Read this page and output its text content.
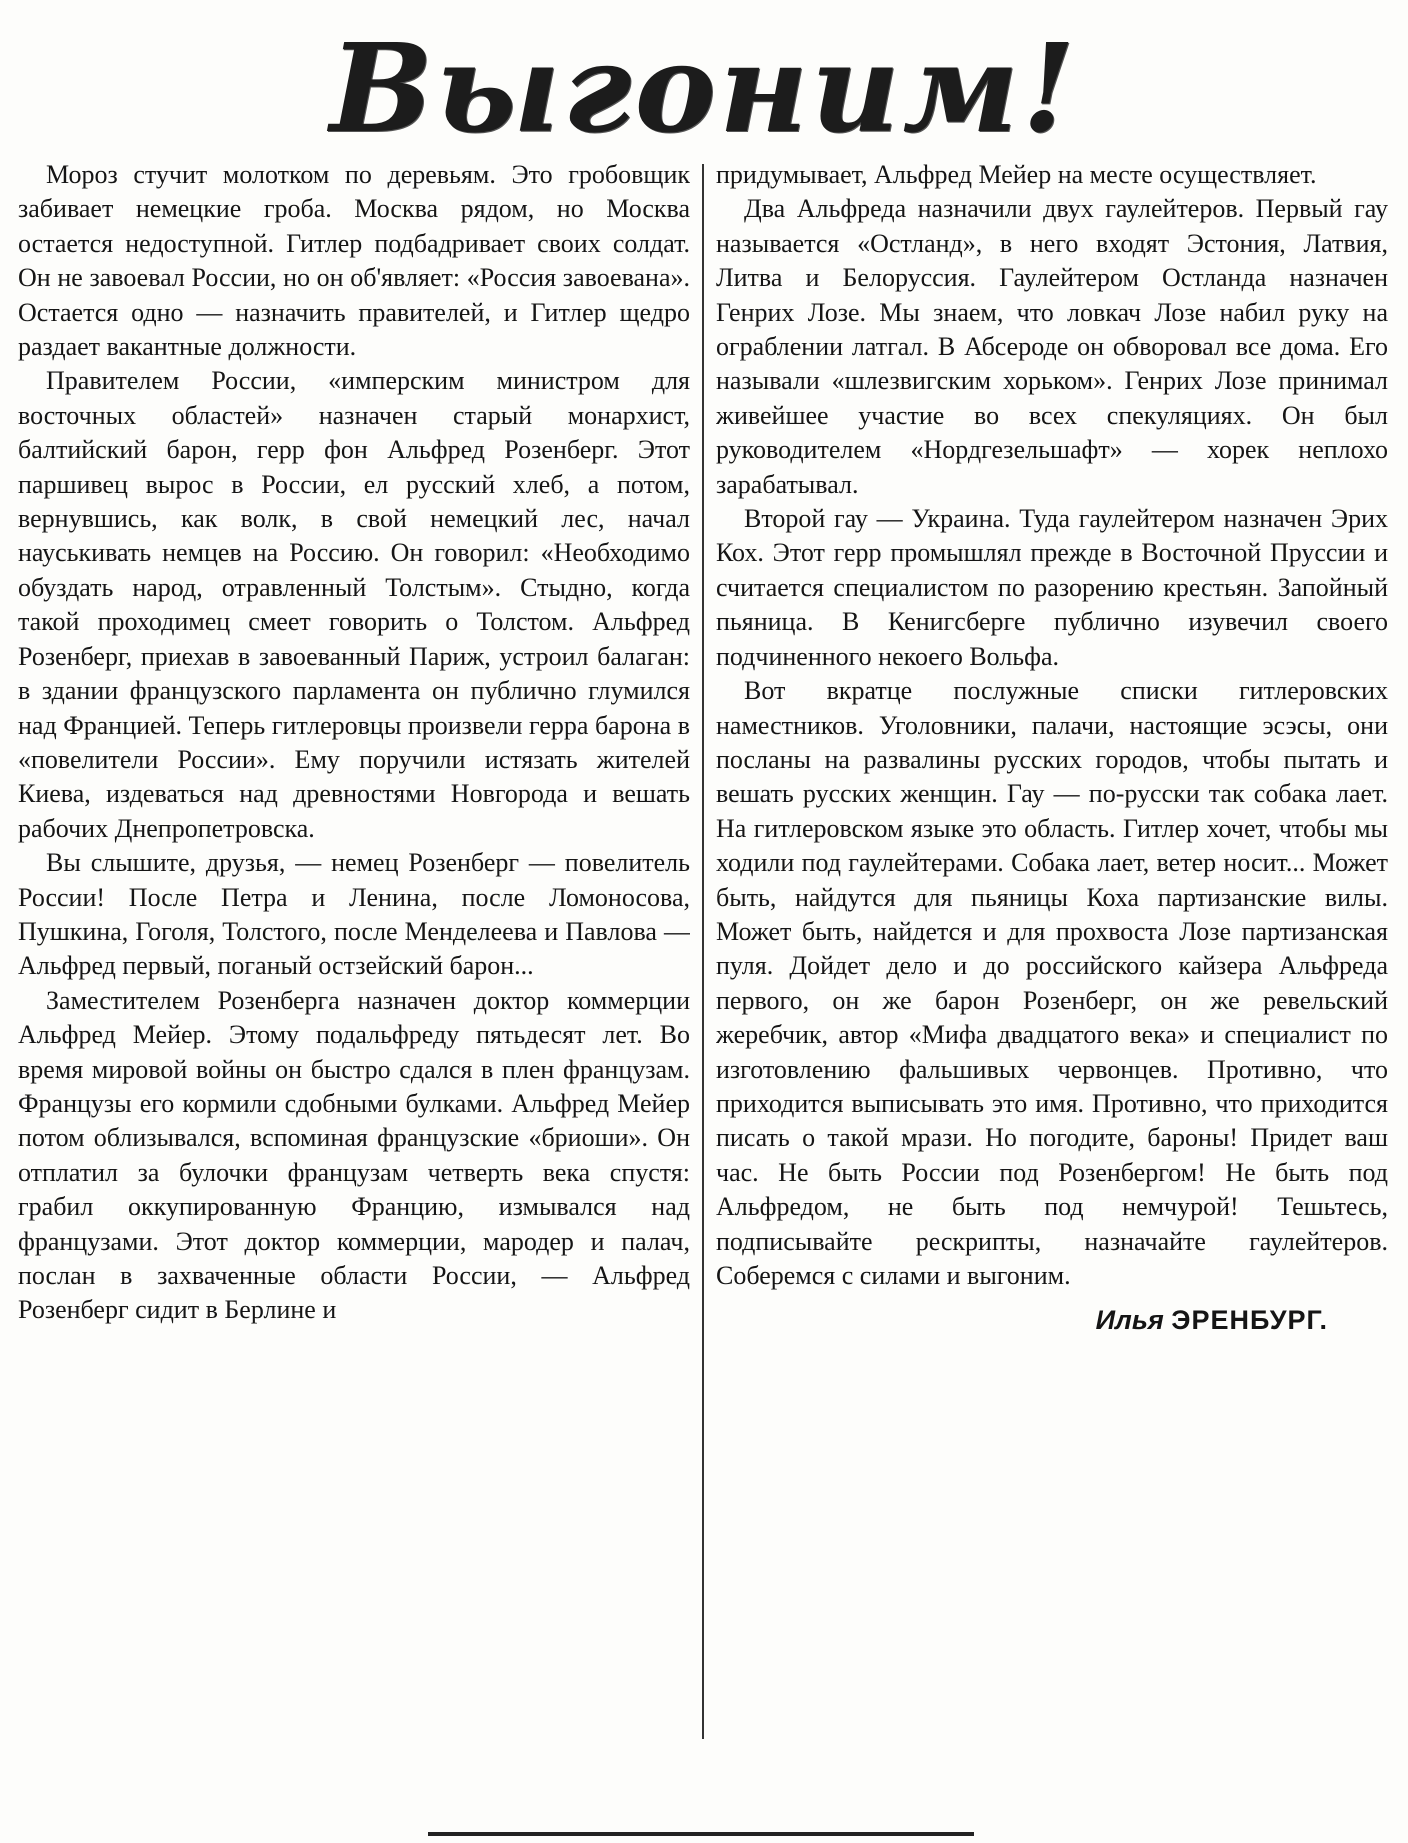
Выгоним!

Мороз стучит молотком по деревьям. Это гробовщик забивает немецкие гроба. Москва рядом, но Москва остается недоступной. Гитлер подбадривает своих солдат. Он не завоевал России, но он об'являет: «Россия завоевана». Остается одно — назначить правителей, и Гитлер щедро раздает вакантные должности.

Правителем России, «имперским министром для восточных областей» назначен старый монархист, балтийский барон, герр фон Альфред Розенберг. Этот паршивец вырос в России, ел русский хлеб, а потом, вернувшись, как волк, в свой немецкий лес, начал науськивать немцев на Россию. Он говорил: «Необходимо обуздать народ, отравленный Толстым». Стыдно, когда такой проходимец смеет говорить о Толстом. Альфред Розенберг, приехав в завоеванный Париж, устроил балаган: в здании французского парламента он публично глумился над Францией. Теперь гитлеровцы произвели герра барона в «повелители России». Ему поручили истязать жителей Киева, издеваться над древностями Новгорода и вешать рабочих Днепропетровска.

Вы слышите, друзья, — немец Розенберг — повелитель России! После Петра и Ленина, после Ломоносова, Пушкина, Гоголя, Толстого, после Менделеева и Павлова — Альфред первый, поганый остзейский барон...

Заместителем Розенберга назначен доктор коммерции Альфред Мейер. Этому подальфреду пятьдесят лет. Во время мировой войны он быстро сдался в плен французам. Французы его кормили сдобными булками. Альфред Мейер потом облизывался, вспоминая французские «бриоши». Он отплатил за булочки французам четверть века спустя: грабил оккупированную Францию, измывался над французами. Этот доктор коммерции, мародер и палач, послан в захваченные области России, — Альфред Розенберг сидит в Берлине и

придумывает, Альфред Мейер на месте осуществляет.

Два Альфреда назначили двух гаулейтеров. Первый гау называется «Остланд», в него входят Эстония, Латвия, Литва и Белоруссия. Гаулейтером Остланда назначен Генрих Лозе. Мы знаем, что ловкач Лозе набил руку на ограблении латгал. В Абсероде он обворовал все дома. Его называли «шлезвигским хорьком». Генрих Лозе принимал живейшее участие во всех спекуляциях. Он был руководителем «Нордгезельшафт» — хорек неплохо зарабатывал.

Второй гау — Украина. Туда гаулейтером назначен Эрих Кох. Этот герр промышлял прежде в Восточной Пруссии и считается специалистом по разорению крестьян. Запойный пьяница. В Кенигсберге публично изувечил своего подчиненного некоего Вольфа.

Вот вкратце послужные списки гитлеровских наместников. Уголовники, палачи, настоящие эсэсы, они посланы на развалины русских городов, чтобы пытать и вешать русских женщин. Гау — по-русски так собака лает. На гитлеровском языке это область. Гитлер хочет, чтобы мы ходили под гаулейтерами. Собака лает, ветер носит... Может быть, найдутся для пьяницы Коха партизанские вилы. Может быть, найдется и для прохвоста Лозе партизанская пуля. Дойдет дело и до российского кайзера Альфреда первого, он же барон Розенберг, он же ревельский жеребчик, автор «Мифа двадцатого века» и специалист по изготовлению фальшивых червонцев. Противно, что приходится выписывать это имя. Противно, что приходится писать о такой мрази. Но погодите, бароны! Придет ваш час. Не быть России под Розенбергом! Не быть под Альфредом, не быть под немчурой! Тешьтесь, подписывайте рескрипты, назначайте гаулейтеров. Соберемся с силами и выгоним.

Илья ЭРЕНБУРГ.
